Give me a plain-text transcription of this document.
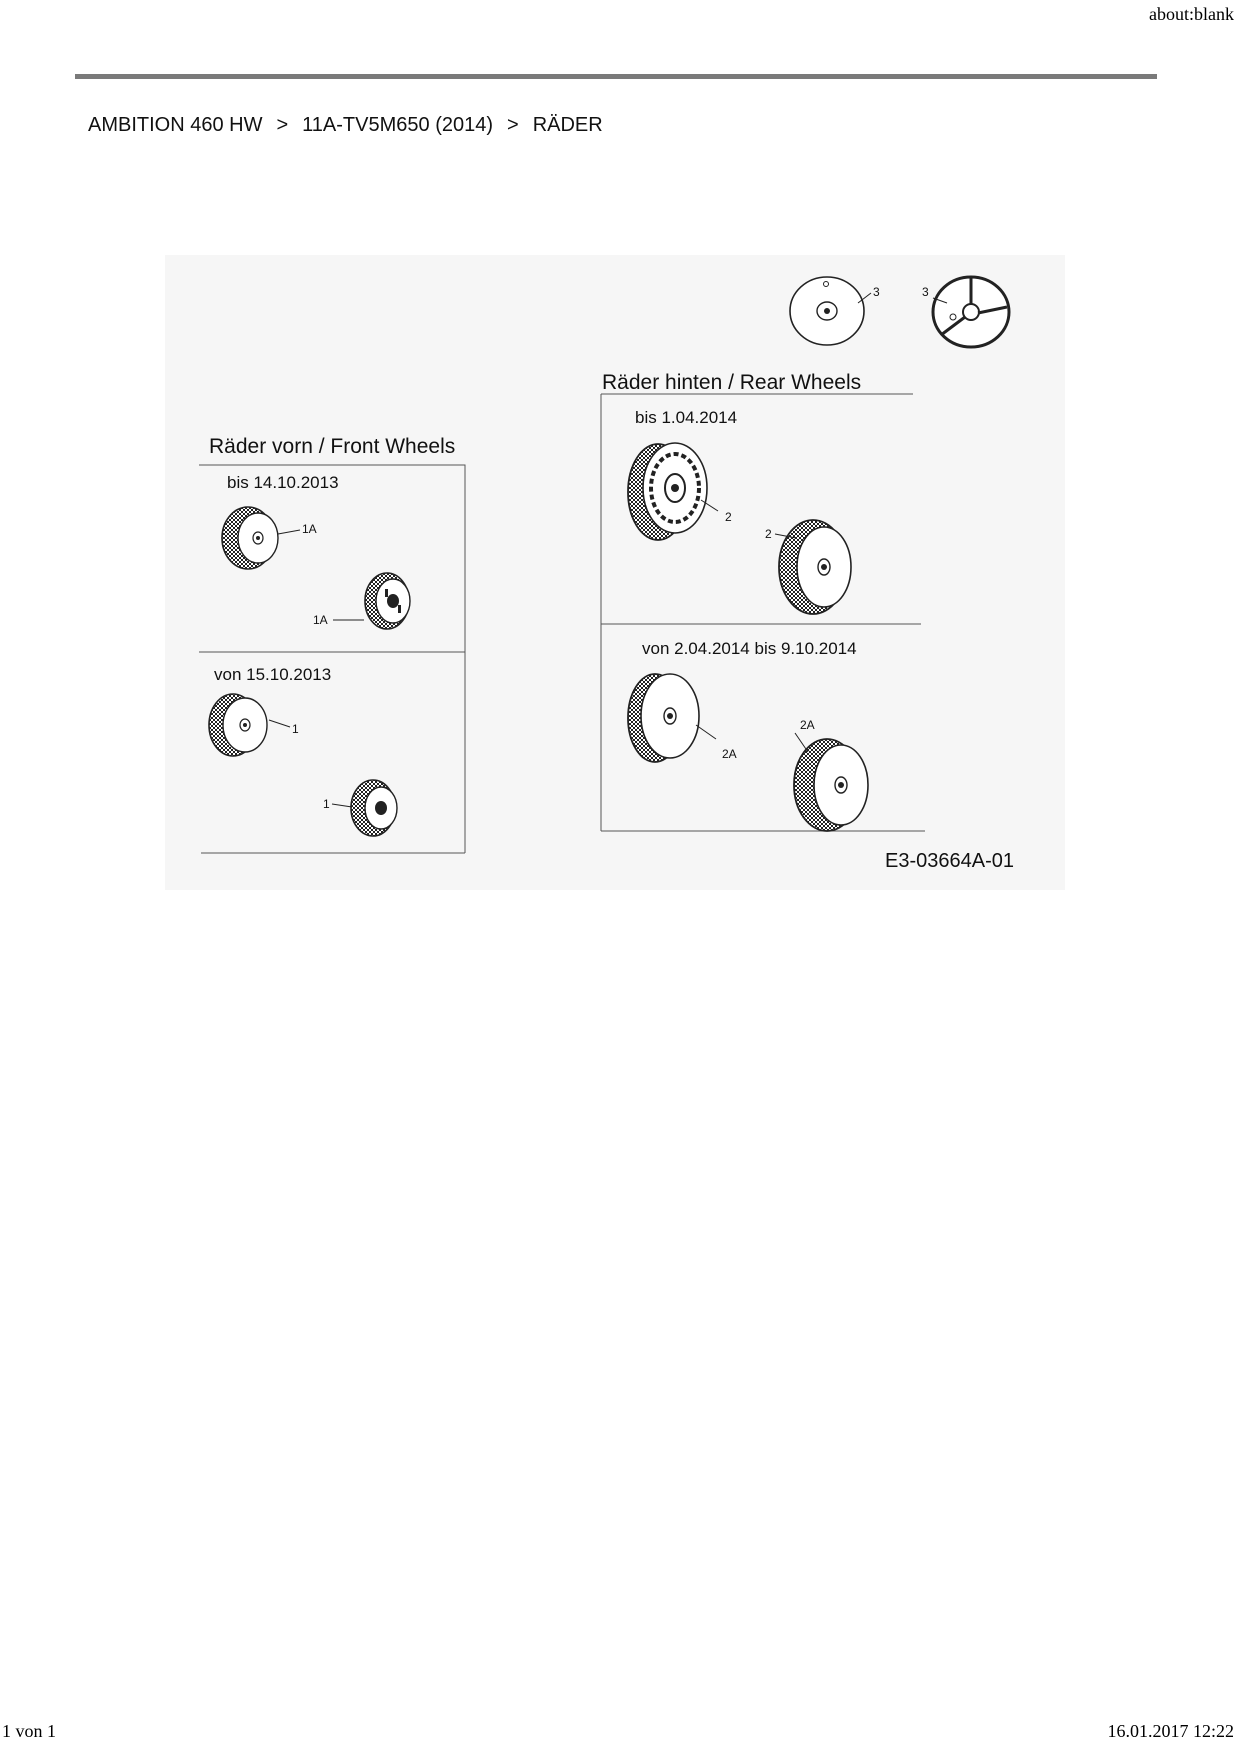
about:blank
AMBITION 460 HW > 11A-TV5M650 (2014) > RÄDER
3	3
Räder vorn / Front Wheels
bis 14.10.2013
1A
1A
von 15.10.2013
1
1
Räder hinten / Rear Wheels
bis 1.04.2014
2
2
von 2.04.2014 bis 9.10.2014
2A
2A
E3-03664A-01
1 von 1	16.01.2017 12:22
